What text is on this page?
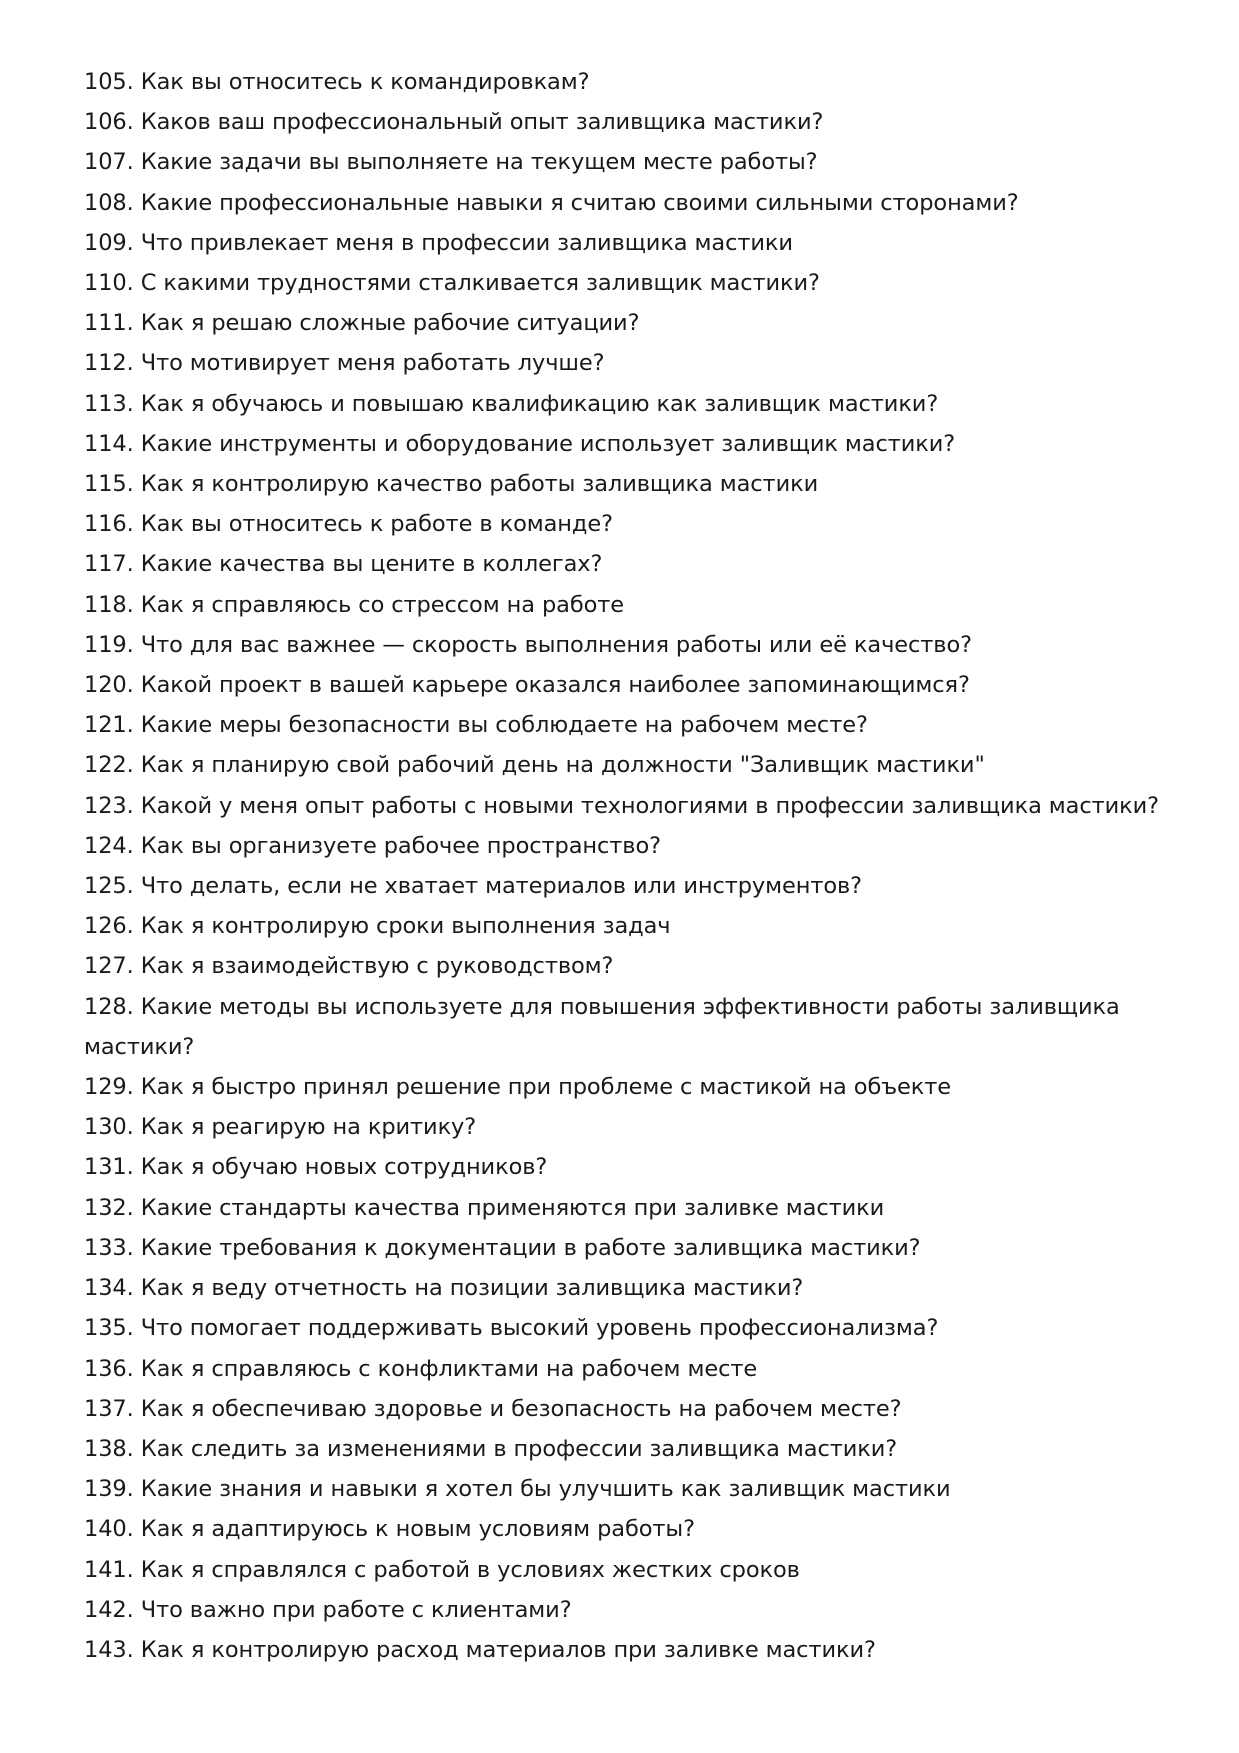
105. Как вы относитесь к командировкам?
106. Каков ваш профессиональный опыт заливщика мастики?
107. Какие задачи вы выполняете на текущем месте работы?
108. Какие профессиональные навыки я считаю своими сильными сторонами?
109. Что привлекает меня в профессии заливщика мастики
110. С какими трудностями сталкивается заливщик мастики?
111. Как я решаю сложные рабочие ситуации?
112. Что мотивирует меня работать лучше?
113. Как я обучаюсь и повышаю квалификацию как заливщик мастики?
114. Какие инструменты и оборудование использует заливщик мастики?
115. Как я контролирую качество работы заливщика мастики
116. Как вы относитесь к работе в команде?
117. Какие качества вы цените в коллегах?
118. Как я справляюсь со стрессом на работе
119. Что для вас важнее — скорость выполнения работы или её качество?
120. Какой проект в вашей карьере оказался наиболее запоминающимся?
121. Какие меры безопасности вы соблюдаете на рабочем месте?
122. Как я планирую свой рабочий день на должности "Заливщик мастики"
123. Какой у меня опыт работы с новыми технологиями в профессии заливщика мастики?
124. Как вы организуете рабочее пространство?
125. Что делать, если не хватает материалов или инструментов?
126. Как я контролирую сроки выполнения задач
127. Как я взаимодействую с руководством?
128. Какие методы вы используете для повышения эффективности работы заливщика мастики?
129. Как я быстро принял решение при проблеме с мастикой на объекте
130. Как я реагирую на критику?
131. Как я обучаю новых сотрудников?
132. Какие стандарты качества применяются при заливке мастики
133. Какие требования к документации в работе заливщика мастики?
134. Как я веду отчетность на позиции заливщика мастики?
135. Что помогает поддерживать высокий уровень профессионализма?
136. Как я справляюсь с конфликтами на рабочем месте
137. Как я обеспечиваю здоровье и безопасность на рабочем месте?
138. Как следить за изменениями в профессии заливщика мастики?
139. Какие знания и навыки я хотел бы улучшить как заливщик мастики
140. Как я адаптируюсь к новым условиям работы?
141. Как я справлялся с работой в условиях жестких сроков
142. Что важно при работе с клиентами?
143. Как я контролирую расход материалов при заливке мастики?
